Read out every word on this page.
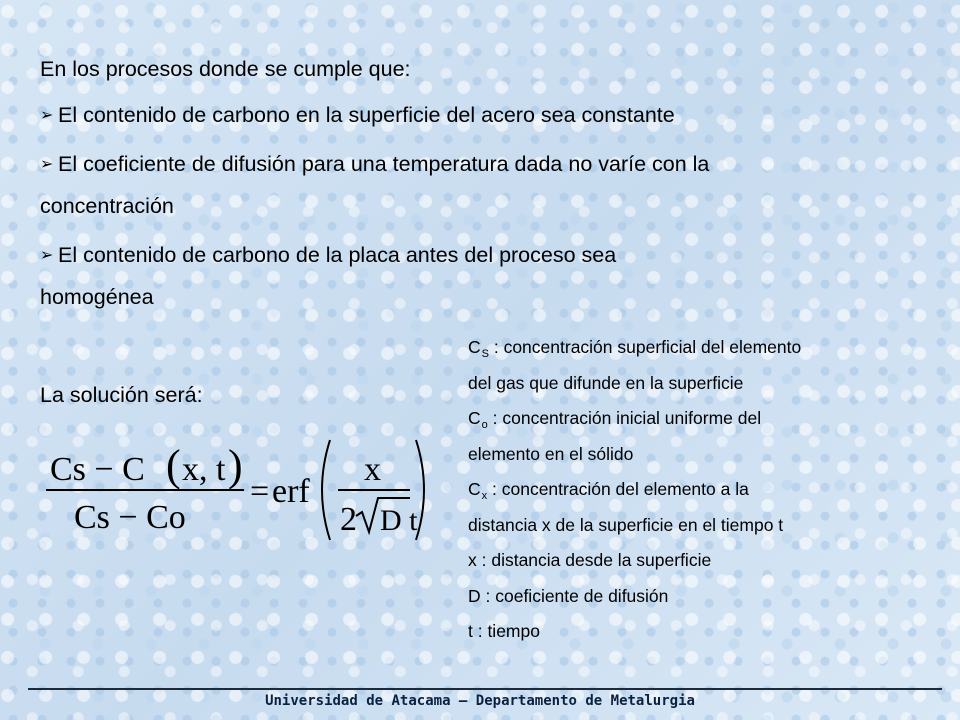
En los procesos donde se cumple que:
➢ El contenido de carbono en la superficie del acero sea constante
➢ El coeficiente de difusión para una temperatura dada no varíe con la
concentración
➢ El contenido de carbono de la placa antes del proceso sea
homogénea
La solución será:
Cs − C ( x, t )
Cs − Co
= erf
x
2 D t
$C_S$ : concentración superficial del elemento
del gas que difunde en la superficie
$C_o$ : concentración inicial uniforme del
elemento en el sólido
$C_x$ : concentración del elemento a la
distancia x de la superficie en el tiempo t
x : distancia desde la superficie
D : coeficiente de difusión
t : tiempo
Universidad de Atacama – Departamento de Metalurgia
